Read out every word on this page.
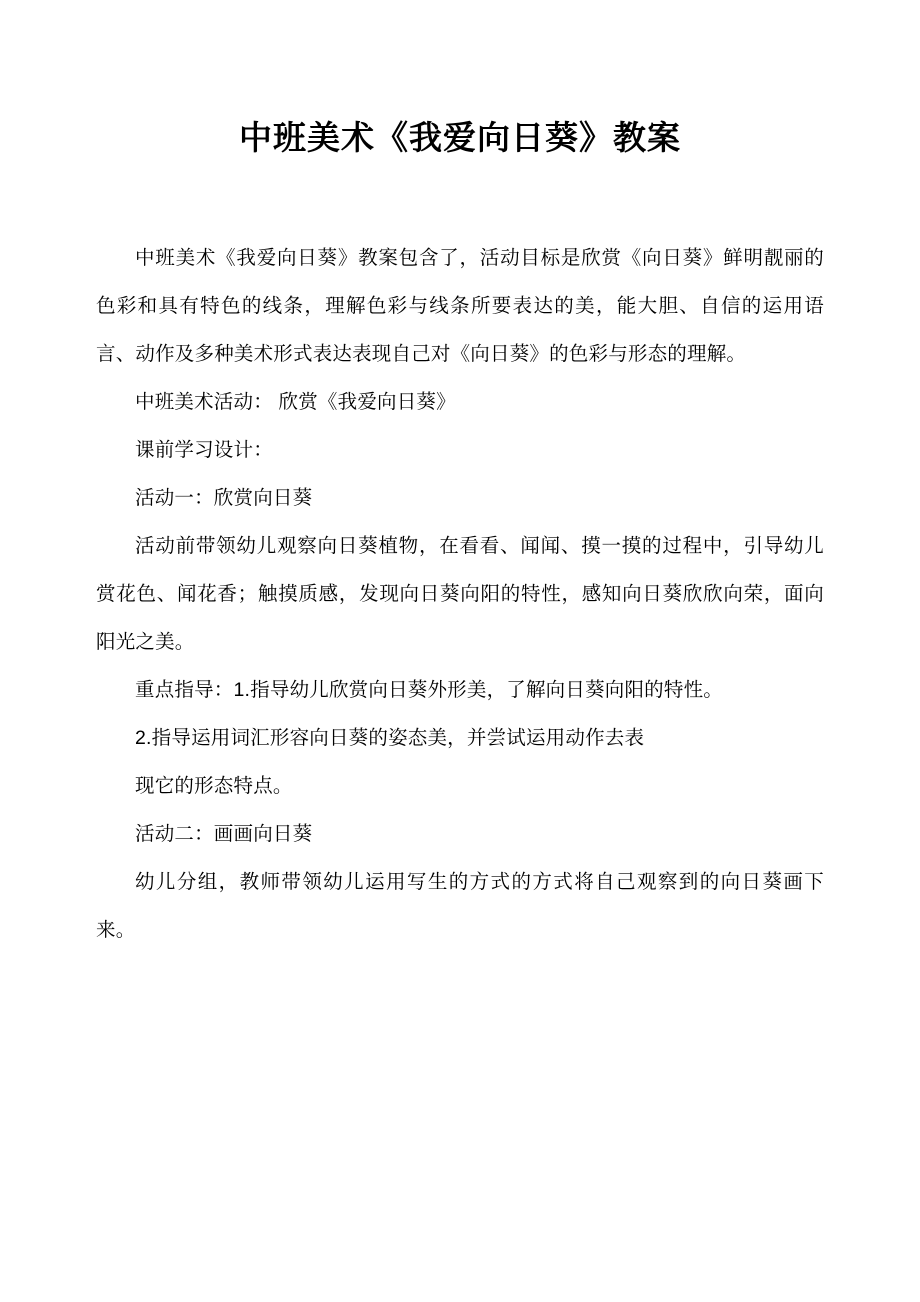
中班美术《我爱向日葵》教案

中班美术《我爱向日葵》教案包含了，活动目标是欣赏《向日葵》鲜明靓丽的色彩和具有特色的线条，理解色彩与线条所要表达的美，能大胆、自信的运用语言、动作及多种美术形式表达表现自己对《向日葵》的色彩与形态的理解。

中班美术活动： 欣赏《我爱向日葵》

课前学习设计：

活动一：欣赏向日葵

活动前带领幼儿观察向日葵植物，在看看、闻闻、摸一摸的过程中，引导幼儿赏花色、闻花香；触摸质感，发现向日葵向阳的特性，感知向日葵欣欣向荣，面向阳光之美。

重点指导：1.指导幼儿欣赏向日葵外形美，了解向日葵向阳的特性。

2.指导运用词汇形容向日葵的姿态美，并尝试运用动作去表

现它的形态特点。

活动二：画画向日葵

幼儿分组，教师带领幼儿运用写生的方式的方式将自己观察到的向日葵画下来。
